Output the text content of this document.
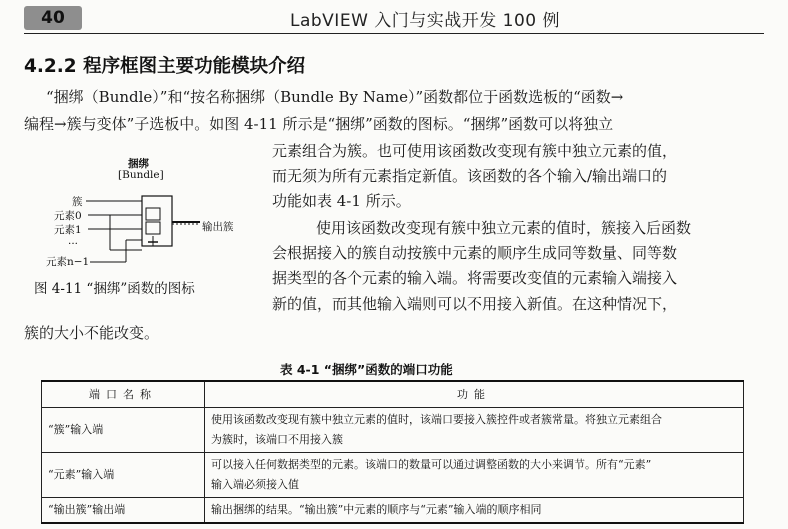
40	LabVIEW 入门与实战开发 100 例
4.2.2 程序框图主要功能模块介绍
“捆绑（Bundle）”和“按名称捆绑（Bundle By Name）”函数都位于函数选板的“函数→
编程→簇与变体”子选板中。如图 4-11 所示是“捆绑”函数的图标。“捆绑”函数可以将独立
元素组合为簇。也可使用该函数改变现有簇中独立元素的值，
而无须为所有元素指定新值。该函数的各个输入/输出端口的
功能如表 4-1 所示。
使用该函数改变现有簇中独立元素的值时，簇接入后函数
会根据接入的簇自动按簇中元素的顺序生成同等数量、同等数
据类型的各个元素的输入端。将需要改变值的元素输入端接入
新的值，而其他输入端则可以不用接入新值。在这种情况下，
簇的大小不能改变。
捆绑
[Bundle]
簇
元素0
元素1
···
元素n−1
输出簇
图 4-11 “捆绑”函数的图标
表 4-1 “捆绑”函数的端口功能
端口名称	功能
“簇”输入端	使用该函数改变现有簇中独立元素的值时，该端口要接入簇控件或者簇常量。将独立元素组合
为簇时，该端口不用接入簇

“元素”输入端	可以接入任何数据类型的元素。该端口的数量可以通过调整函数的大小来调节。所有“元素”
输入端必须接入值

“输出簇”输出端	输出捆绑的结果。“输出簇”中元素的顺序与“元素”输入端的顺序相同
